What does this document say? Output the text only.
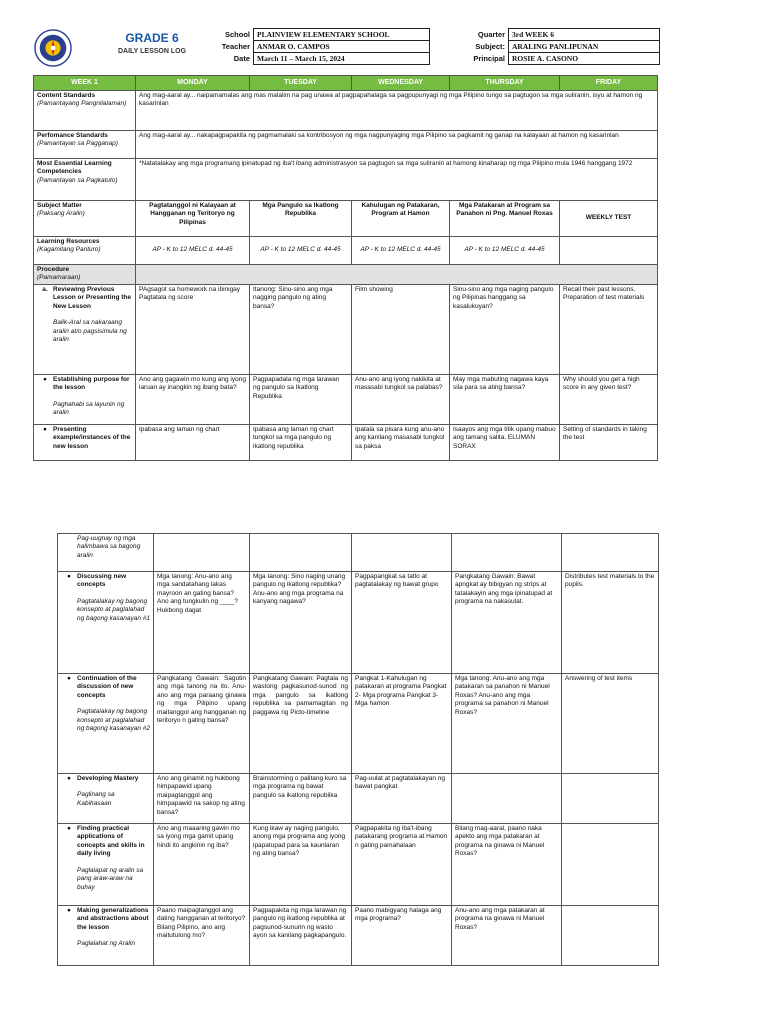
GRADE 6
DAILY LESSON LOG
School	PLAINVIEW ELEMENTARY SCHOOL
Teacher	ANMAR O. CAMPOS
Date	March 11 – March 15, 2024
Quarter	3rd WEEK 6
Subject:	ARALING PANLIPUNAN
Principal	ROSIE A. CASONO
WEEK 1	MONDAY	TUESDAY	WEDNESDAY	THURSDAY	FRIDAY

Content Standards
(Pamantayang Pangnilalaman)	Ang mag-aaral ay... naipamamalas ang mas malalim na pag unawa at pagpapahalaga sa pagpupunyagi ng mga Pilipino tungo sa pagtugon sa mga suliranin, isyu at hamon ng kasarinlan				

Perfomance Standards
(Pamantayan sa Pagganap)	Ang mag-aaral ay... nakapagpapakita ng pagmamalaki sa kontribosyon ng mga nagpunyaging mga Pilipino sa pagkamit ng ganap na kalayaan at hamon ng kasarinlan				

Most Essential Learning Competencies
(Pamantayan sa Pagkatuto)	*Natatalakay ang mga programang ipinatupad ng iba't ibang administrasyon sa pagtugon sa mga suliranin at hamong kinaharap ng mga Pilipino mula 1946 hanggang 1972				

Subject Matter
(Paksang Aralin)	Pagtatanggol ni Kalayaan at Hangganan ng Teritoryo ng Pilipinas	Mga Pangulo sa Ikatlong Republika	Kahulugan ng Patakaran, Program at Hamon	Mga Patakaran at Program sa Panahon ni Png. Manuel Roxas	WEEKLY TEST

Learning Resources
(Kagamitang Panturo)	AP - K to 12 MELC d. 44-45	AP - K to 12 MELC d. 44-45	AP - K to 12 MELC d. 44-45	AP - K to 12 MELC d. 44-45	

Procedure
(Pamamaraan)					

a. Reviewing Previous Lesson or Presenting the New Lesson
Balik-Aral sa nakaraang aralin at/o pagsisimula ng aralin	PAgsagot sa homework na ibinigay Pagtatala ng score	Itanong: Sinu-sino ang mga nagging pangulo ng ating bansa?	Film showing	Sinu-sino ang mga naging pangulo ng Pilipinas hanggang sa kasalukuyan?	Recall their past lessons. Preparation of test materials

● Establishing purpose for the lesson
Paghahabi sa layunin ng aralin	Ano ang gagawin mo kung ang iyong laruan ay inangkin ng ibang bata?	Pagpapadala ng mga larawan ng pangulo sa Ikatlong Republika	Anu-ano ang iyong nakikita at masasabi tungkol sa palabas?	May mga mabuting nagawa kaya sila para sa ating bansa?	Why should you get a high score in any given test?

● Presenting example/instances of the new lesson	Ipabasa ang laman ng chart	Ipabasa ang laman ng chart tungkol sa mga pangulo ng ikatlong republika	Ipatala sa pisara kung anu-ano ang kanilang masasabi tungkol sa paksa	Isaayos ang mga titik upang mabuo ang tamang salita. ELUMAN SORAX	Setting of standards in taking the test
Pag-uugnay ng mga halimbawa sa bagong aralin					

● Discussing new concepts
Pagtatalakay ng bagong konsepto at paglalahad ng bagong kasanayan #1	Mga tanong: Anu-ano ang mga sandatahang lakas mayroon an gating bansa? Ano ang tungkulin ng ____? Hukbong dagat	Mga tanong: Sino naging unang pangulo ng ikatlong republika? Anu-ano ang mga programa na kanyang nagawa?	Pagpapangkat sa tatlo at pagtatalakay ng bawat grupo	Pangkatang Gawain: Bawat apngkat ay bibigyan ng strips at tatalakayin ang mga ipinatupad at programa na nakasulat.	Distributes test materials to the pupils.

● Continuation of the discussion of new concepts
Pagtatalakay ng bagong konsepto at paglalahad ng bagong kasanayan #2	Pangkatang Gawain: Sagutin ang mga tanong na ito. Anu-ano ang mga paraang ginawa ng mga Pilipino upang maitanggol ang hangganan ng teritoryo n gating bansa?	Pangkatang Gawain: Pagtala ng wastong pagkasunod-sunod ng mga pangulo sa ikatlong republika sa pamamagitan ng paggawa ng Picto-timeline	Pangkat 1-Kahulugan ng patakaran at programa Pangkat 2- Mga programa Pangkat 3- Mga hamon	Mga tanong: Anu-ano ang mga patakaran sa panahon ni Manuel Roxas? Anu-ano ang mga programa sa panahon ni Manuel Roxas?	Answering of test items

● Developing Mastery
Paglinang sa Kabihasaan	Ano ang ginamit ng hukbong himpapawid upang maipagtanggol ang himpapawid na sakop ng ating bansa?	Brainstorming o palitang kuro sa mga programa ng bawat pangulo sa ikatlong republika	Pag-uulat at pagtatalakayan ng bawat pangkat		

● Finding practical applications of concepts and skills in daily living
Paglalapat ng aralin sa pang araw-araw na buhay	Ano ang maaaring gawin mo sa iyong mga gamit upang hindi ito angkinin ng iba?	Kung ikaw ay naging pangulo, anong mga programa ang iyong ipapatupad para sa kaunlaran ng ating bansa?	Pagpapakita ng iba't-ibang patakarang programa at Hamon n gating pamahalaan	Bilang mag-aaral, paano naka apekto ang mga patakaran at programa na ginawa ni Manuel Roxas?	

● Making generalizations and abstractions about the lesson
Paglalahat ng Aralin	Paano maipagtanggol ang dating hangganan at teritoryo? Bilang Pilipino, ano ang maitutulong mo?	Pagpapakita ng mga larawan ng pangulo ng ikatlong republika at pagsunod-sunurin ng wasto ayon sa kanilang pagkapangulo.	Paano mabigyang halaga ang mga programa?	Anu-ano ang mga patakaran at programa na ginawa ni Manuel Roxas?	
